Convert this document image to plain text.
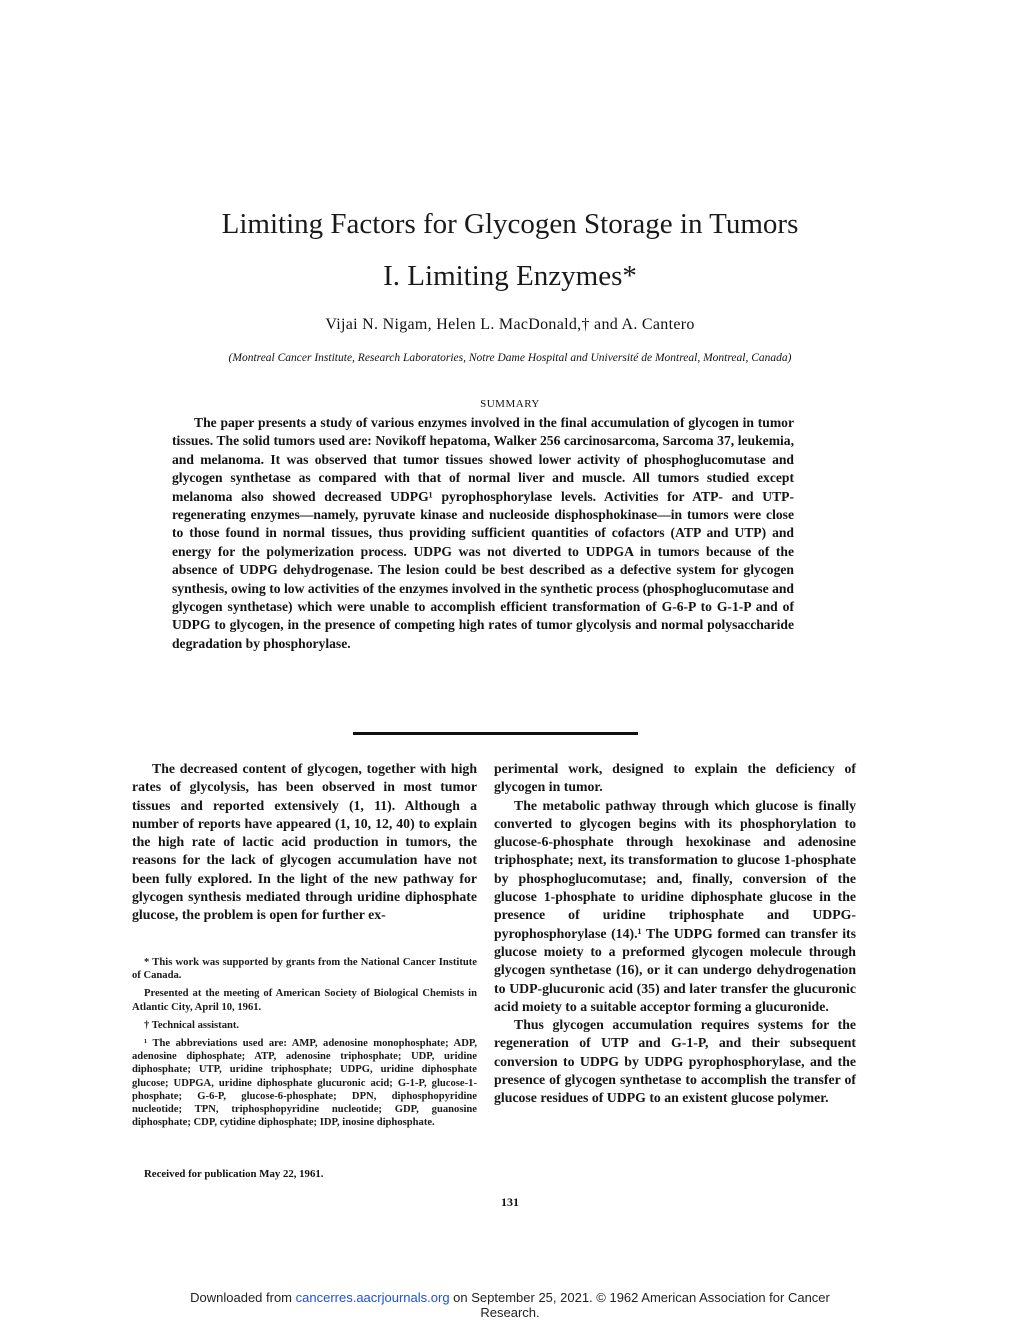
Limiting Factors for Glycogen Storage in Tumors
I. Limiting Enzymes*
Vijai N. Nigam, Helen L. MacDonald,† and A. Cantero
(Montreal Cancer Institute, Research Laboratories, Notre Dame Hospital and Université de Montreal, Montreal, Canada)
SUMMARY
The paper presents a study of various enzymes involved in the final accumulation of glycogen in tumor tissues. The solid tumors used are: Novikoff hepatoma, Walker 256 carcinosarcoma, Sarcoma 37, leukemia, and melanoma. It was observed that tumor tissues showed lower activity of phosphoglucomutase and glycogen synthetase as compared with that of normal liver and muscle. All tumors studied except melanoma also showed decreased UDPG¹ pyrophosphorylase levels. Activities for ATP- and UTP-regenerating enzymes—namely, pyruvate kinase and nucleoside disphosphokinase—in tumors were close to those found in normal tissues, thus providing sufficient quantities of cofactors (ATP and UTP) and energy for the polymerization process. UDPG was not diverted to UDPGA in tumors because of the absence of UDPG dehydrogenase. The lesion could be best described as a defective system for glycogen synthesis, owing to low activities of the enzymes involved in the synthetic process (phosphoglucomutase and glycogen synthetase) which were unable to accomplish efficient transformation of G-6-P to G-1-P and of UDPG to glycogen, in the presence of competing high rates of tumor glycolysis and normal polysaccharide degradation by phosphorylase.

The decreased content of glycogen, together with high rates of glycolysis, has been observed in most tumor tissues and reported extensively (1, 11). Although a number of reports have appeared (1, 10, 12, 40) to explain the high rate of lactic acid production in tumors, the reasons for the lack of glycogen accumulation have not been fully explored. In the light of the new pathway for glycogen synthesis mediated through uridine diphosphate glucose, the problem is open for further ex-

* This work was supported by grants from the National Cancer Institute of Canada.

Presented at the meeting of American Society of Biological Chemists in Atlantic City, April 10, 1961.

† Technical assistant.

¹ The abbreviations used are: AMP, adenosine monophosphate; ADP, adenosine diphosphate; ATP, adenosine triphosphate; UDP, uridine diphosphate; UTP, uridine triphosphate; UDPG, uridine diphosphate glucose; UDPGA, uridine diphosphate glucuronic acid; G-1-P, glucose-1-phosphate; G-6-P, glucose-6-phosphate; DPN, diphosphopyridine nucleotide; TPN, triphosphopyridine nucleotide; GDP, guanosine diphosphate; CDP, cytidine diphosphate; IDP, inosine diphosphate.

Received for publication May 22, 1961.

perimental work, designed to explain the deficiency of glycogen in tumor.

The metabolic pathway through which glucose is finally converted to glycogen begins with its phosphorylation to glucose-6-phosphate through hexokinase and adenosine triphosphate; next, its transformation to glucose 1-phosphate by phosphoglucomutase; and, finally, conversion of the glucose 1-phosphate to uridine diphosphate glucose in the presence of uridine triphosphate and UDPG-pyrophosphorylase (14).¹ The UDPG formed can transfer its glucose moiety to a preformed glycogen molecule through glycogen synthetase (16), or it can undergo dehydrogenation to UDP-glucuronic acid (35) and later transfer the glucuronic acid moiety to a suitable acceptor forming a glucuronide.

Thus glycogen accumulation requires systems for the regeneration of UTP and G-1-P, and their subsequent conversion to UDPG by UDPG pyrophosphorylase, and the presence of glycogen synthetase to accomplish the transfer of glucose residues of UDPG to an existent glucose polymer.

131
Downloaded from cancerres.aacrjournals.org on September 25, 2021. © 1962 American Association for Cancer
Research.
